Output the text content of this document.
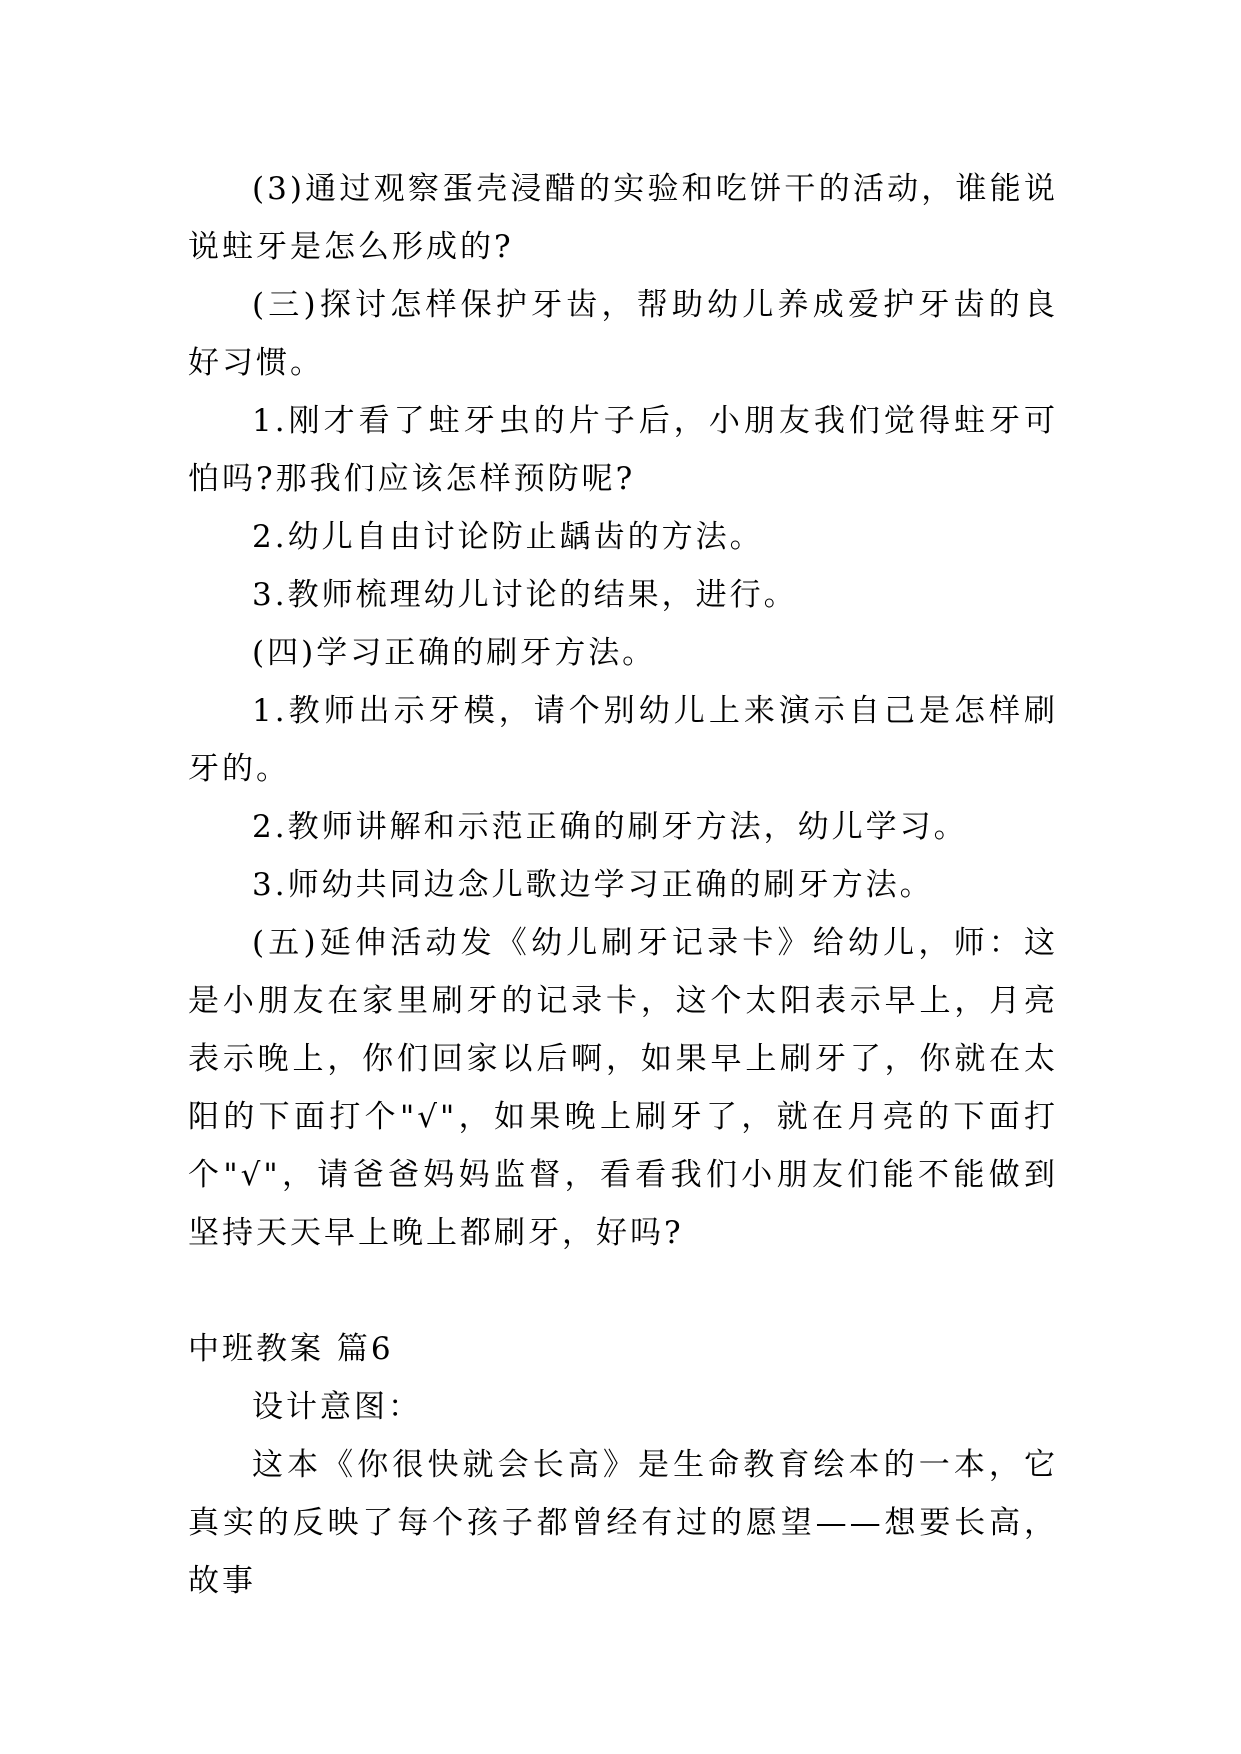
(3)通过观察蛋壳浸醋的实验和吃饼干的活动，谁能说说蛀牙是怎么形成的?

(三)探讨怎样保护牙齿，帮助幼儿养成爱护牙齿的良好习惯。

1.刚才看了蛀牙虫的片子后，小朋友我们觉得蛀牙可怕吗?那我们应该怎样预防呢?

2.幼儿自由讨论防止龋齿的方法。

3.教师梳理幼儿讨论的结果，进行。

(四)学习正确的刷牙方法。

1.教师出示牙模，请个别幼儿上来演示自己是怎样刷牙的。

2.教师讲解和示范正确的刷牙方法，幼儿学习。

3.师幼共同边念儿歌边学习正确的刷牙方法。

(五)延伸活动发《幼儿刷牙记录卡》给幼儿，师：这是小朋友在家里刷牙的记录卡，这个太阳表示早上，月亮表示晚上，你们回家以后啊，如果早上刷牙了，你就在太阳的下面打个"√"，如果晚上刷牙了，就在月亮的下面打个"√"，请爸爸妈妈监督，看看我们小朋友们能不能做到坚持天天早上晚上都刷牙，好吗?

中班教案 篇6

设计意图：

这本《你很快就会长高》是生命教育绘本的一本，它真实的反映了每个孩子都曾经有过的愿望——想要长高，故事
